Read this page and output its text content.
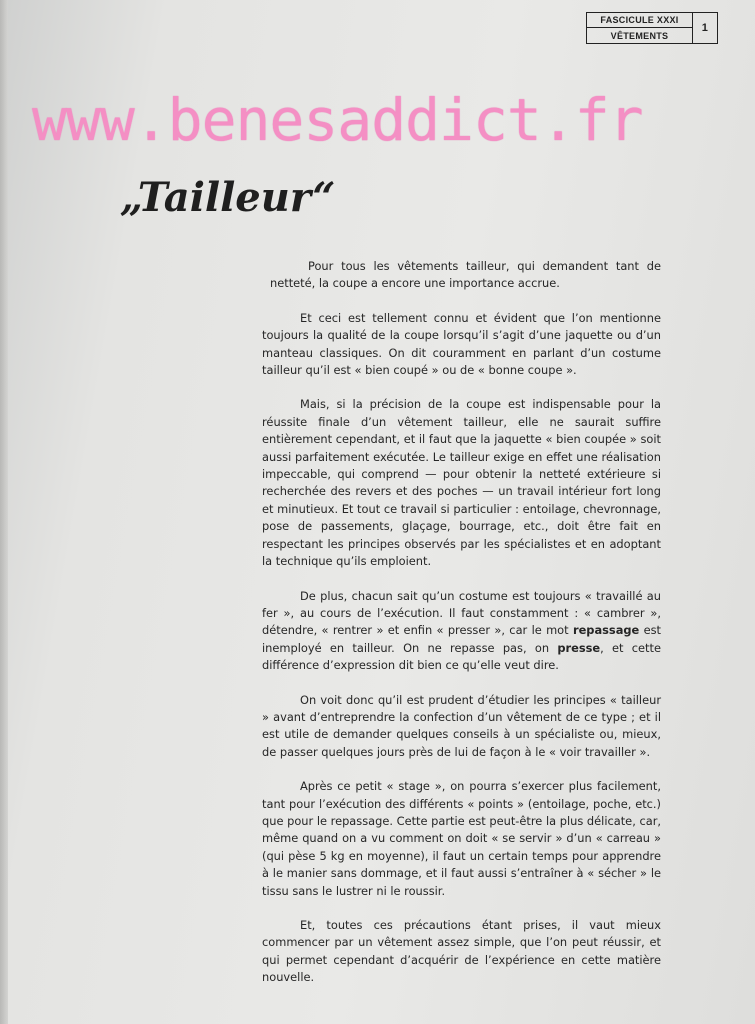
FASCICULE XXXI
VÊTEMENTS
1
www.benesaddict.fr
„Tailleur“

Pour tous les vêtements tailleur, qui demandent tant de netteté, la coupe a encore une importance accrue.

Et ceci est tellement connu et évident que l’on mentionne toujours la qualité de la coupe lorsqu’il s’agit d’une jaquette ou d’un manteau classiques. On dit couramment en parlant d’un costume tailleur qu’il est « bien coupé » ou de « bonne coupe ».

Mais, si la précision de la coupe est indispensable pour la réussite finale d’un vêtement tailleur, elle ne saurait suffire entièrement cependant, et il faut que la jaquette « bien coupée » soit aussi parfaitement exécutée. Le tailleur exige en effet une réalisation impeccable, qui comprend — pour obtenir la netteté extérieure si recherchée des revers et des poches — un travail intérieur fort long et minutieux. Et tout ce travail si particulier : entoilage, chevronnage, pose de passements, glaçage, bourrage, etc., doit être fait en respectant les principes observés par les spécialistes et en adoptant la technique qu’ils emploient.

De plus, chacun sait qu’un costume est toujours « travaillé au fer », au cours de l’exécution. Il faut constamment : « cambrer », détendre, « rentrer » et enfin « presser », car le mot repassage est inemployé en tailleur. On ne repasse pas, on presse, et cette différence d’expression dit bien ce qu’elle veut dire.

On voit donc qu’il est prudent d’étudier les principes « tailleur » avant d’entreprendre la confection d’un vêtement de ce type ; et il est utile de demander quelques conseils à un spécialiste ou, mieux, de passer quelques jours près de lui de façon à le « voir travailler ».

Après ce petit « stage », on pourra s’exercer plus facilement, tant pour l’exécution des différents « points » (entoilage, poche, etc.) que pour le repassage. Cette partie est peut-être la plus délicate, car, même quand on a vu comment on doit « se servir » d’un « carreau » (qui pèse 5 kg en moyenne), il faut un certain temps pour apprendre à le manier sans dommage, et il faut aussi s’entraîner à « sécher » le tissu sans le lustrer ni le roussir.

Et, toutes ces précautions étant prises, il vaut mieux commencer par un vêtement assez simple, que l’on peut réussir, et qui permet cependant d’acquérir de l’expérience en cette matière nouvelle.
